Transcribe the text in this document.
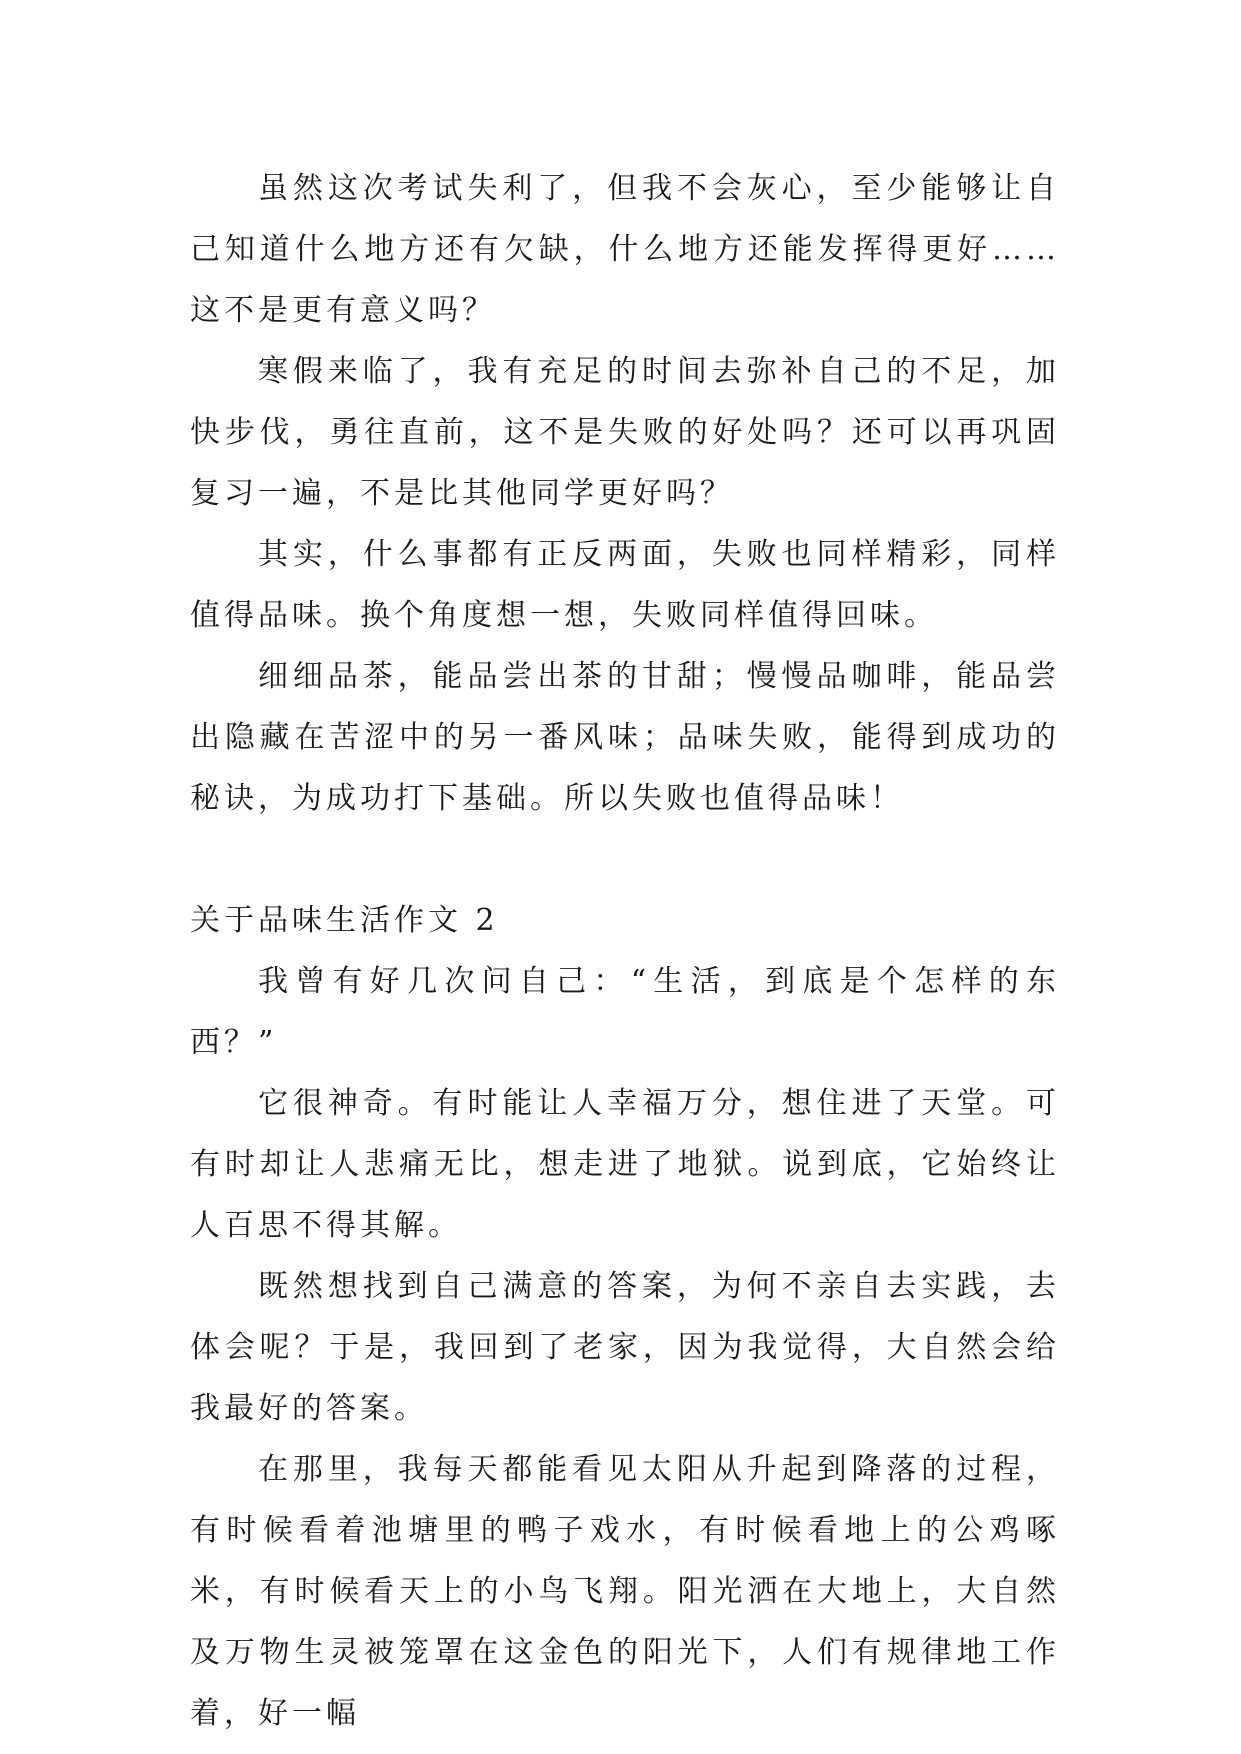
虽然这次考试失利了，但我不会灰心，至少能够让自己知道什么地方还有欠缺，什么地方还能发挥得更好……这不是更有意义吗？

寒假来临了，我有充足的时间去弥补自己的不足，加快步伐，勇往直前，这不是失败的好处吗？还可以再巩固复习一遍，不是比其他同学更好吗？

其实，什么事都有正反两面，失败也同样精彩，同样值得品味。换个角度想一想，失败同样值得回味。

细细品茶，能品尝出茶的甘甜；慢慢品咖啡，能品尝出隐藏在苦涩中的另一番风味；品味失败，能得到成功的秘诀，为成功打下基础。所以失败也值得品味！

关于品味生活作文 2

我曾有好几次问自己：“生活，到底是个怎样的东西？”

它很神奇。有时能让人幸福万分，想住进了天堂。可有时却让人悲痛无比，想走进了地狱。说到底，它始终让人百思不得其解。

既然想找到自己满意的答案，为何不亲自去实践，去体会呢？于是，我回到了老家，因为我觉得，大自然会给我最好的答案。

在那里，我每天都能看见太阳从升起到降落的过程，有时候看着池塘里的鸭子戏水，有时候看地上的公鸡啄米，有时候看天上的小鸟飞翔。阳光洒在大地上，大自然及万物生灵被笼罩在这金色的阳光下，人们有规律地工作着，好一幅
